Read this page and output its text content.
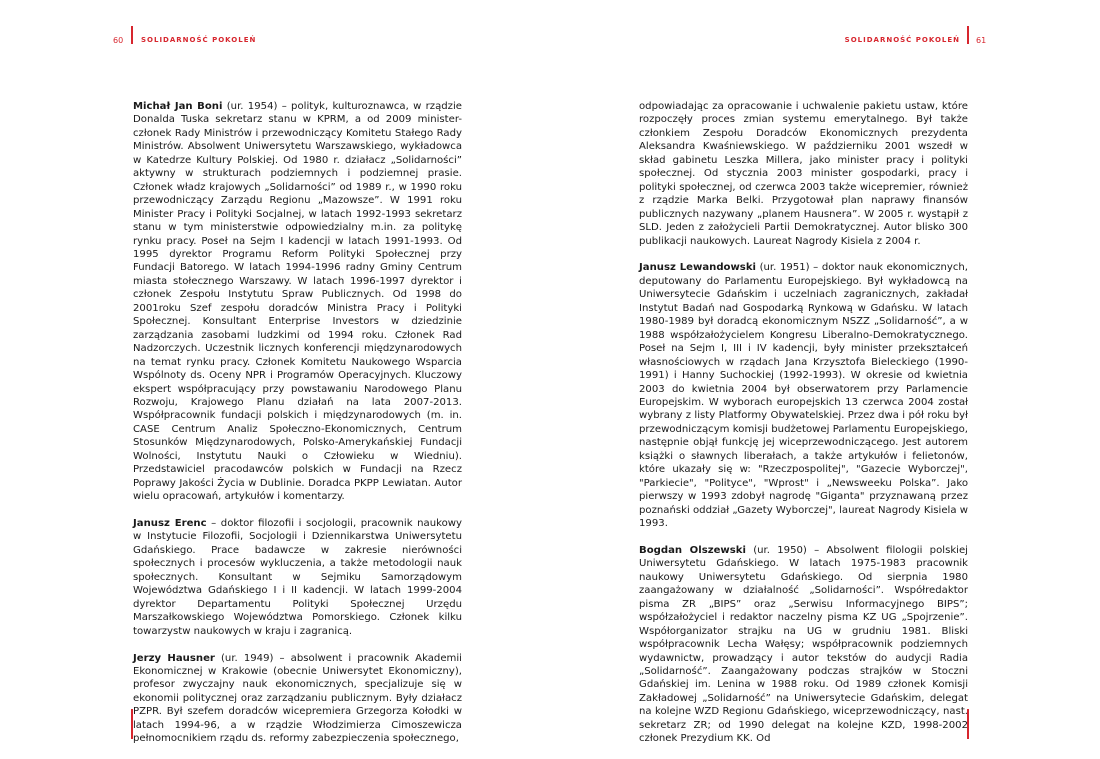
60	SOLIDARNOŚĆ POKOLEŃ	SOLIDARNOŚĆ POKOLEŃ 61

Michał Jan Boni (ur. 1954) – polityk, kulturoznawca, w rządzie Donalda Tuska sekretarz stanu w KPRM, a od 2009 minister-członek Rady Ministrów i przewodniczący Komitetu Stałego Rady Ministrów. Absolwent Uniwersytetu Warszawskiego, wykładowca w Katedrze Kultury Polskiej. Od 1980 r. działacz „Solidarności” aktywny w strukturach podziemnych i podziemnej prasie. Członek władz krajowych „Solidarności” od 1989 r., w 1990 roku przewodniczący Zarządu Regionu „Mazowsze”. W 1991 roku Minister Pracy i Polityki Socjalnej, w latach 1992-1993 sekretarz stanu w tym ministerstwie odpowiedzialny m.in. za politykę rynku pracy. Poseł na Sejm I kadencji w latach 1991-1993. Od 1995 dyrektor Programu Reform Polityki Społecznej przy Fundacji Batorego. W latach 1994-1996 radny Gminy Centrum miasta stołecznego Warszawy. W latach 1996-1997 dyrektor i członek Zespołu Instytutu Spraw Publicznych. Od 1998 do 2001roku Szef zespołu doradców Ministra Pracy i Polityki Społecznej. Konsultant Enterprise Investors w dziedzinie zarządzania zasobami ludzkimi od 1994 roku. Członek Rad Nadzorczych. Uczestnik licznych konferencji międzynarodowych na temat rynku pracy. Członek Komitetu Naukowego Wsparcia Wspólnoty ds. Oceny NPR i Programów Operacyjnych. Kluczowy ekspert współpracujący przy powstawaniu Narodowego Planu Rozwoju, Krajowego Planu działań na lata 2007-2013. Współpracownik fundacji polskich i międzynarodowych (m. in. CASE Centrum Analiz Społeczno-Ekonomicznych, Centrum Stosunków Międzynarodowych, Polsko-Amerykańskiej Fundacji Wolności, Instytutu Nauki o Człowieku w Wiedniu). Przedstawiciel pracodawców polskich w Fundacji na Rzecz Poprawy Jakości Życia w Dublinie. Doradca PKPP Lewiatan. Autor wielu opracowań, artykułów i komentarzy.

Janusz Erenc – doktor filozofii i socjologii, pracownik naukowy w Instytucie Filozofii, Socjologii i Dziennikarstwa Uniwersytetu Gdańskiego. Prace badawcze w zakresie nierówności społecznych i procesów wykluczenia, a także metodologii nauk społecznych. Konsultant w Sejmiku Samorządowym Województwa Gdańskiego I i II kadencji. W latach 1999-2004 dyrektor Departamentu Polityki Społecznej Urzędu Marszałkowskiego Województwa Pomorskiego. Członek kilku towarzystw naukowych w kraju i zagranicą.

Jerzy Hausner (ur. 1949) – absolwent i pracownik Akademii Ekonomicznej w Krakowie (obecnie Uniwersytet Ekonomiczny), profesor zwyczajny nauk ekonomicznych, specjalizuje się w ekonomii politycznej oraz zarządzaniu publicznym. Były działacz PZPR. Był szefem doradców wicepremiera Grzegorza Kołodki w latach 1994-96, a w rządzie Włodzimierza Cimoszewicza pełnomocnikiem rządu ds. reformy zabezpieczenia społecznego,

odpowiadając za opracowanie i uchwalenie pakietu ustaw, które rozpoczęły proces zmian systemu emerytalnego. Był także członkiem Zespołu Doradców Ekonomicznych prezydenta Aleksandra Kwaśniewskiego. W październiku 2001 wszedł w skład gabinetu Leszka Millera, jako minister pracy i polityki społecznej. Od stycznia 2003 minister gospodarki, pracy i polityki społecznej, od czerwca 2003 także wicepremier, również z rządzie Marka Belki. Przygotował plan naprawy finansów publicznych nazywany „planem Hausnera”. W 2005 r. wystąpił z SLD. Jeden z założycieli Partii Demokratycznej. Autor blisko 300 publikacji naukowych. Laureat Nagrody Kisiela z 2004 r.

Janusz Lewandowski (ur. 1951) – doktor nauk ekonomicznych, deputowany do Parlamentu Europejskiego. Był wykładowcą na Uniwersytecie Gdańskim i uczelniach zagranicznych, zakładał Instytut Badań nad Gospodarką Rynkową w Gdańsku. W latach 1980-1989 był doradcą ekonomicznym NSZZ „Solidarność”, a w 1988 współzałożycielem Kongresu Liberalno-Demokratycznego. Poseł na Sejm I, III i IV kadencji, były minister przekształceń własnościowych w rządach Jana Krzysztofa Bieleckiego (1990-1991) i Hanny Suchockiej (1992-1993). W okresie od kwietnia 2003 do kwietnia 2004 był obserwatorem przy Parlamencie Europejskim. W wyborach europejskich 13 czerwca 2004 został wybrany z listy Platformy Obywatelskiej. Przez dwa i pół roku był przewodniczącym komisji budżetowej Parlamentu Europejskiego, następnie objął funkcję jej wiceprzewodniczącego. Jest autorem książki o sławnych liberałach, a także artykułów i felietonów, które ukazały się w: "Rzeczpospolitej", "Gazecie Wyborczej", "Parkiecie", "Polityce", "Wprost" i „Newsweeku Polska”. Jako pierwszy w 1993 zdobył nagrodę "Giganta" przyznawaną przez poznański oddział „Gazety Wyborczej", laureat Nagrody Kisiela w 1993.

Bogdan Olszewski (ur. 1950) – Absolwent filologii polskiej Uniwersytetu Gdańskiego. W latach 1975-1983 pracownik naukowy Uniwersytetu Gdańskiego. Od sierpnia 1980 zaangażowany w działalność „Solidarności”. Współredaktor pisma ZR „BIPS” oraz „Serwisu Informacyjnego BIPS”; współzałożyciel i redaktor naczelny pisma KZ UG „Spojrzenie”. Współorganizator strajku na UG w grudniu 1981. Bliski współpracownik Lecha Wałęsy; współpracownik podziemnych wydawnictw, prowadzący i autor tekstów do audycji Radia „Solidarność”. Zaangażowany podczas strajków w Stoczni Gdańskiej im. Lenina w 1988 roku. Od 1989 członek Komisji Zakładowej „Solidarność” na Uniwersytecie Gdańskim, delegat na kolejne WZD Regionu Gdańskiego, wiceprzewodniczący, nast. sekretarz ZR; od 1990 delegat na kolejne KZD, 1998-2002 członek Prezydium KK. Od
